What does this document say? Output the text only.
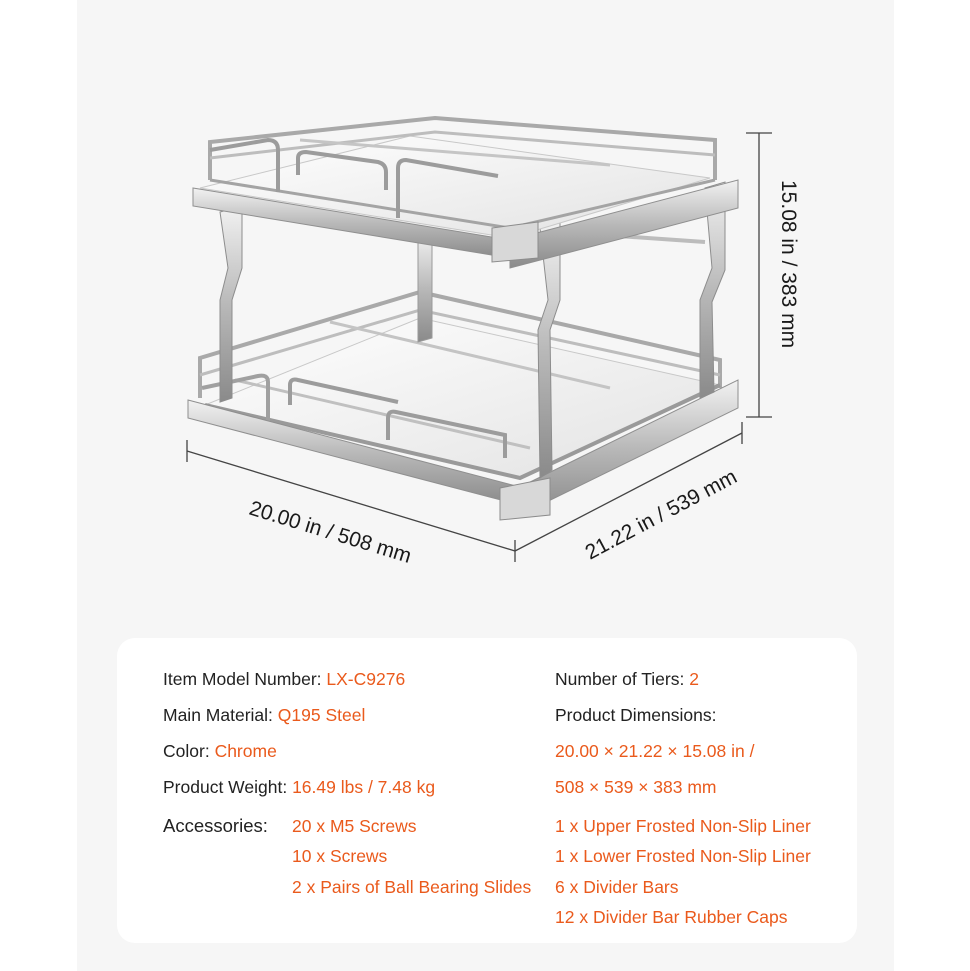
20.00 in / 508 mm	21.22 in / 539 mm
15.08 in / 383 mm
Item Model Number: LX-C9276
Main Material: Q195 Steel
Color: Chrome
Product Weight: 16.49 lbs / 7.48 kg
Accessories: 20 x M5 Screws
10 x Screws
2 x Pairs of Ball Bearing Slides
Number of Tiers: 2
Product Dimensions:
20.00 × 21.22 × 15.08 in /
508 × 539 × 383 mm
1 x Upper Frosted Non-Slip Liner
1 x Lower Frosted Non-Slip Liner
6 x Divider Bars
12 x Divider Bar Rubber Caps
